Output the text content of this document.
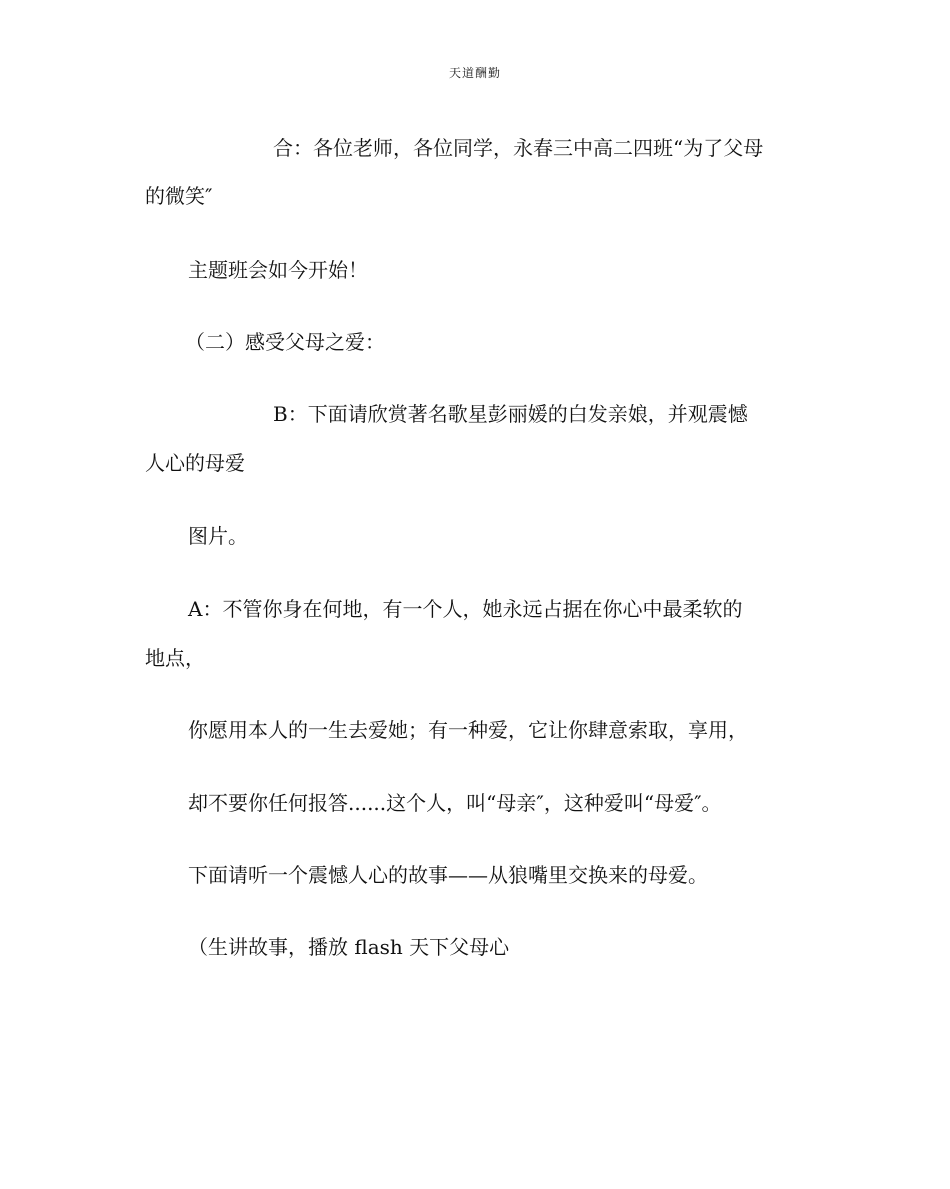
天道酬勤
合：各位老师，各位同学，永春三中高二四班“为了父母
的微笑″
主题班会如今开始！
（二）感受父母之爱：
B：下面请欣赏著名歌星彭丽媛的白发亲娘，并观震憾
人心的母爱
图片。
A：不管你身在何地，有一个人，她永远占据在你心中最柔软的
地点，
你愿用本人的一生去爱她；有一种爱，它让你肆意索取，享用，
却不要你任何报答......这个人，叫“母亲″，这种爱叫“母爱″。
下面请听一个震憾人心的故事——从狼嘴里交换来的母爱。
（生讲故事，播放 flash 天下父母心
